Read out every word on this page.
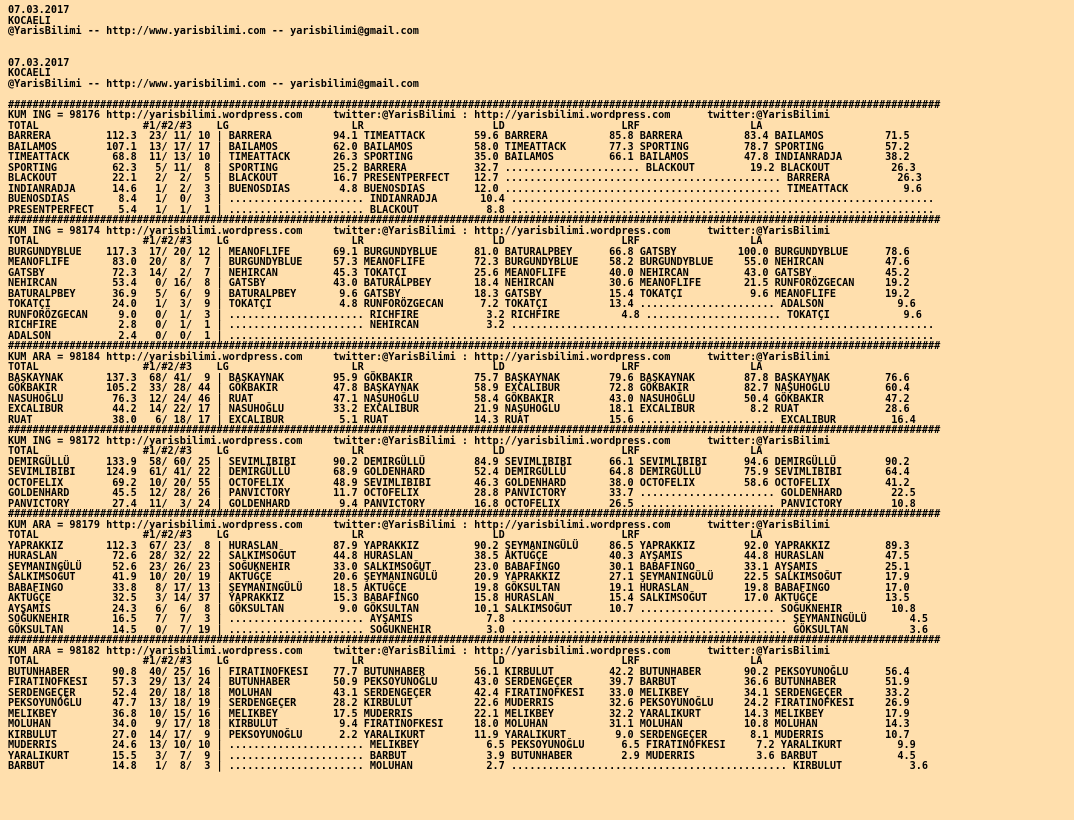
07.03.2017
KOCAELI
@YarisBilimi -- http://www.yarisbilimi.com -- yarisbilimi@gmail.com

07.03.2017
KOCAELI
@YarisBilimi -- http://www.yarisbilimi.com -- yarisbilimi@gmail.com

########################################################################################################################################################
KUM ING = 98176 http://yarisbilimi.wordpress.com     twitter:@YarisBilimi : http://yarisbilimi.wordpress.com      twitter:@YarisBilimi
TOTAL                 #1/#2/#3    LG                    LR                     LD                   LRF                  LA
BARRERA         112.3  23/ 11/ 10 | BARRERA          94.1 TIMEATTACK        59.6 BARRERA          85.8 BARRERA          83.4 BAILAMOS          71.5
BAILAMOS        107.1  13/ 17/ 17 | BAILAMOS         62.0 BAILAMOS          58.0 TIMEATTACK       77.3 SPORTING         78.7 SPORTING          57.2
TIMEATTACK       68.8  11/ 13/ 10 | TIMEATTACK       26.3 SPORTING          35.0 BAILAMOS         66.1 BAILAMOS         47.8 INDIANRADJA       38.2
SPORTING         62.3   5/ 11/  8 | SPORTING         25.2 BARRERA           32.7 ...................... BLACKOUT         19.2 BLACKOUT          26.3
BLACKOUT         22.1   2/  2/  5 | BLACKOUT         16.7 PRESENTPERFECT    12.7 ............................................. BARRERA           26.3
INDIANRADJA      14.6   1/  2/  3 | BUENOSDIAS        4.8 BUENOSDIAS        12.0 ............................................. TIMEATTACK         9.6
BUENOSDIAS        8.4   1/  0/  3 | ...................... INDIANRADJA       10.4 .....................................................................
PRESENTPERFECT    5.4   1/  1/  1 | ...................... BLACKOUT           8.8 .....................................................................
########################################################################################################################################################
KUM ING = 98174 http://yarisbilimi.wordpress.com     twitter:@YarisBilimi : http://yarisbilimi.wordpress.com      twitter:@YarisBilimi
TOTAL                 #1/#2/#3    LG                    LR                     LD                   LRF                  LA
BURGUNDYBLUE    117.3  17/ 20/ 12 | MEANOFLIFE       69.1 BURGUNDYBLUE      81.0 BATURALPBEY      66.8 GATSBY          100.0 BURGUNDYBLUE      78.6
MEANOFLIFE       83.0  20/  8/  7 | BURGUNDYBLUE     57.3 MEANOFLIFE        72.3 BURGUNDYBLUE     58.2 BURGUNDYBLUE     55.0 NEHIRCAN          47.6
GATSBY           72.3  14/  2/  7 | NEHIRCAN         45.3 TOKATÇI           25.6 MEANOFLIFE       40.0 NEHIRCAN         43.0 GATSBY            45.2
NEHIRCAN         53.4   0/ 16/  8 | GATSBY           43.0 BATURALPBEY       18.4 NEHIRCAN         30.6 MEANOFLIFE       21.5 RUNFORÖZGECAN     19.2
BATURALPBEY      36.9   5/  6/  9 | BATURALPBEY       9.6 GATSBY            18.3 GATSBY           15.4 TOKATÇI           9.6 MEANOFLIFE        19.2
TOKATÇI          24.0   1/  3/  9 | TOKATÇI           4.8 RUNFORÖZGECAN      7.2 TOKATÇI          13.4 ...................... ADALSON            9.6
RUNFORÖZGECAN     9.0   0/  1/  3 | ...................... RICHFIRE           3.2 RICHFIRE          4.8 ...................... TOKATÇI            9.6
RICHFIRE          2.8   0/  1/  1 | ...................... NEHIRCAN           3.2 .....................................................................
ADALSON           2.4   0/  0/  1 | ...................................................................................................................
########################################################################################################################################################
KUM ARA = 98184 http://yarisbilimi.wordpress.com     twitter:@YarisBilimi : http://yarisbilimi.wordpress.com      twitter:@YarisBilimi
TOTAL                 #1/#2/#3    LG                    LR                     LD                   LRF                  LA
BAŞKAYNAK       137.3  68/ 41/  9 | BAŞKAYNAK        95.9 GÖKBAKIR          75.7 BAŞKAYNAK        79.6 BAŞKAYNAK        87.8 BAŞKAYNAK         76.6
GÖKBAKIR        105.2  33/ 28/ 44 | GÖKBAKIR         47.8 BAŞKAYNAK         58.9 EXCALIBUR        72.8 GÖKBAKIR         82.7 NAŞUHOĞLU         60.4
NASUHOĞLU        76.3  12/ 24/ 46 | RUAT             47.1 NAŞUHOĞLU         58.4 GÖKBAKIR         43.0 NASUHOĞLU        50.4 GÖKBAKIR          47.2
EXCALIBUR        44.2  14/ 22/ 17 | NASUHOĞLU        33.2 EXCALIBUR         21.9 NAŞUHOĞLU        18.1 EXCALIBUR         8.2 RUAT              28.6
RUAT             38.0   6/ 18/ 17 | EXCALIBUR         5.1 RUAT              14.3 RUAT             15.6 ...................... EXCALIBUR         16.4
########################################################################################################################################################
KUM ING = 98172 http://yarisbilimi.wordpress.com     twitter:@YarisBilimi : http://yarisbilimi.wordpress.com      twitter:@YarisBilimi
TOTAL                 #1/#2/#3    LG                    LR                     LD                   LRF                  LA
DEMIRGÜLLÜ      133.9  58/ 60/ 25 | SEVIMLIBIBI      90.2 DEMIRGÜLLÜ        84.9 SEVIMLIBIBI      66.1 SEVIMLIBIBI      94.6 DEMIRGÜLLÜ        90.2
SEVIMLIBIBI     124.9  61/ 41/ 22 | DEMIRGÜLLÜ       68.9 GOLDENHARD        52.4 DEMIRGÜLLÜ       64.8 DEMIRGÜLLÜ       75.9 SEVIMLIBIBI       64.4
OCTOFELIX        69.2  10/ 20/ 55 | OCTOFELIX        48.9 SEVIMLIBIBI       46.3 GOLDENHARD       38.0 OCTOFELIX        58.6 OCTOFELIX         41.2
GOLDENHARD       45.5  12/ 28/ 26 | PANVICTORY       11.7 OCTOFELIX         28.8 PANVICTORY       33.7 ...................... GOLDENHARD        22.5
PANVICTORY       27.4  11/  3/ 24 | GOLDENHARD        9.4 PANVICTORY        16.8 OCTOFELIX        26.5 ...................... PANVICTORY        10.8
########################################################################################################################################################
KUM ARA = 98179 http://yarisbilimi.wordpress.com     twitter:@YarisBilimi : http://yarisbilimi.wordpress.com      twitter:@YarisBilimi
TOTAL                 #1/#2/#3    LG                    LR                     LD                   LRF                  LA
YAPRAKKIZ       112.3  67/ 23/  8 | HURASLAN         87.9 YAPRAKKIZ         90.2 ŞEYMANINGÜLÜ     86.5 YAPRAKKIZ        92.0 YAPRAKKIZ         89.3
HURASLAN         72.6  28/ 32/ 22 | SALKIMSOĞUT      44.8 HURASLAN          38.5 AKTUĞÇE          40.3 AYŞAMIS          44.8 HURASLAN          47.5
ŞEYMANINGÜLÜ     52.6  23/ 26/ 23 | SOĞUKNEHIR       33.0 SALKIMSOĞUT       23.0 BABAFINGO        30.1 BABAFINGO        33.1 AYŞAMIS           25.1
SALKIMSOĞUT      41.9  10/ 20/ 19 | AKTUĞÇE          20.6 ŞEYMANINGÜLÜ      20.9 YAPRAKKIZ        27.1 ŞEYMANINGÜLÜ     22.5 SALKIMSOĞUT       17.9
BABAFINGO        33.8   8/ 17/ 13 | ŞEYMANINGÜLÜ     18.5 AKTUĞÇE           19.8 GÖKSULTAN        19.1 HURASLAN         19.8 BABAFINGO         17.0
AKTUĞÇE          32.5   3/ 14/ 37 | YAPRAKKIZ        15.3 BABAFINGO         15.8 HURASLAN         15.4 SALKIMSOĞUT      17.0 AKTUĞÇE           13.5
AYŞAMIS          24.3   6/  6/  8 | GÖKSULTAN         9.0 GÖKSULTAN         10.1 SALKIMSOĞUT      10.7 ...................... SOĞUKNEHIR        10.8
SOĞUKNEHIR       16.5   7/  7/  3 | ...................... AYŞAMIS            7.8 ............................................. ŞEYMANINGÜLÜ       4.5
GÖKSULTAN        14.5   0/  7/ 19 | ...................... SOĞUKNEHIR         3.0 ............................................. GÖKSULTAN          3.6
########################################################################################################################################################
KUM ARA = 98182 http://yarisbilimi.wordpress.com     twitter:@YarisBilimi : http://yarisbilimi.wordpress.com      twitter:@YarisBilimi
TOTAL                 #1/#2/#3    LG                    LR                     LD                   LRF                  LA
BUTUNHABER       90.8  40/ 25/ 16 | FIRATINOFKESI    77.7 BUTUNHABER        56.1 KIRBULUT         42.2 BUTUNHABER       90.2 PEKSOYUNOĞLU      56.4
FIRATINOFKESI    57.3  29/ 13/ 24 | BUTUNHABER       50.9 PEKSOYUNOĞLU      43.0 SERDENGEÇER      39.7 BARBUT           36.6 BUTUNHABER        51.9
SERDENGEÇER      52.4  20/ 18/ 18 | MOLUHAN          43.1 SERDENGEÇER       42.4 FIRATINOFKESI    33.0 MELIKBEY         34.1 SERDENGEÇER       33.2
PEKSOYUNOĞLU     47.7  13/ 18/ 19 | SERDENGEÇER      28.2 KIRBULUT          22.6 MUDERRIS         32.6 PEKSOYUNOĞLU     24.2 FIRATINOFKESI     26.9
MELIKBEY         36.8  10/ 15/ 16 | MELIKBEY         17.5 MUDERRIS          22.1 MELIKBEY         32.2 YARALIKURT       14.3 MELIKBEY          17.9
MOLUHAN          34.0   9/ 17/ 18 | KIRBULUT          9.4 FIRATINOFKESI     18.0 MOLUHAN          31.1 MOLUHAN          10.8 MOLUHAN           14.3
KIRBULUT         27.0  14/ 17/  9 | PEKSOYUNOĞLU      2.2 YARALIKURT        11.9 YARALIKURT        9.0 SERDENGEÇER       8.1 MUDERRIS          10.7
MUDERRIS         24.6  13/ 10/ 10 | ...................... MELIKBEY           6.5 PEKSOYUNOĞLU      6.5 FIRATINOFKESI     7.2 YARALIKURT         9.9
YARALIKURT       15.5   3/  7/  9 | ...................... BARBUT             3.9 BUTUNHABER        2.9 MUDERRIS          3.6 BARBUT             4.5
BARBUT           14.8   1/  8/  3 | ...................... MOLUHAN            2.7 ............................................. KIRBULUT           3.6
